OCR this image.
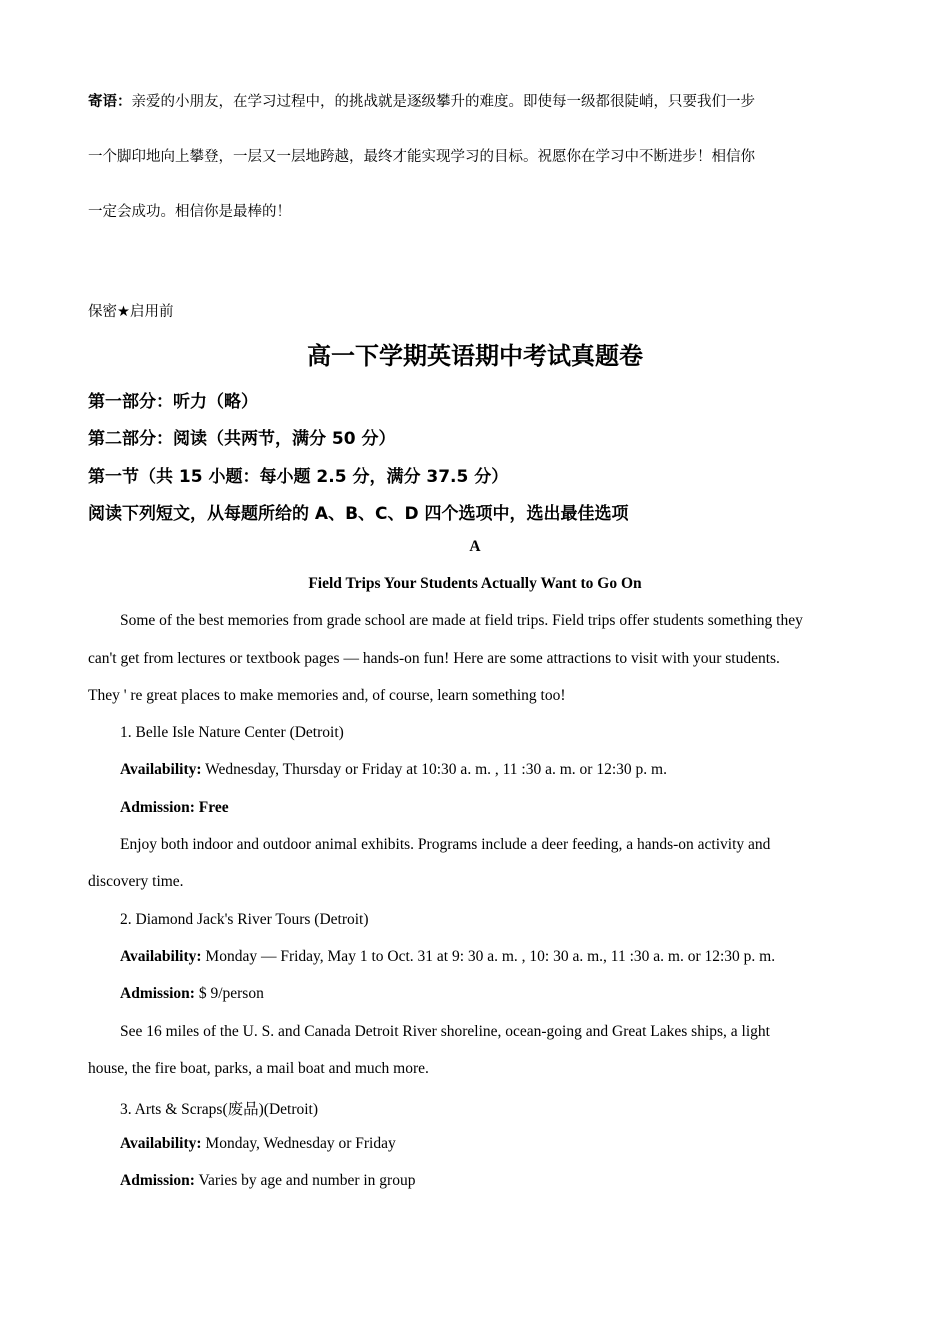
寄语：亲爱的小朋友，在学习过程中，的挑战就是逐级攀升的难度。即使每一级都很陡峭，只要我们一步
一个脚印地向上攀登，一层又一层地跨越，最终才能实现学习的目标。祝愿你在学习中不断进步！相信你
一定会成功。相信你是最棒的！
保密★启用前
高一下学期英语期中考试真题卷
第一部分：听力（略）
第二部分：阅读（共两节，满分 50 分）
第一节（共 15 小题：每小题 2.5 分，满分 37.5 分）
阅读下列短文，从每题所给的 A、B、C、D 四个选项中，选出最佳选项
A
Field Trips Your Students Actually Want to Go On
Some of the best memories from grade school are made at field trips. Field trips offer students something they
can't get from lectures or textbook pages — hands-on fun! Here are some attractions to visit with your students.
They ' re great places to make memories and, of course, learn something too!
1. Belle Isle Nature Center (Detroit)
Availability: Wednesday, Thursday or Friday at 10:30 a. m. , 11 :30 a. m. or 12:30 p. m.
Admission: Free
Enjoy both indoor and outdoor animal exhibits. Programs include a deer feeding, a hands-on activity and
discovery time.
2. Diamond Jack's River Tours (Detroit)
Availability: Monday — Friday, May 1 to Oct. 31 at 9: 30 a. m. , 10: 30 a. m., 11 :30 a. m. or 12:30 p. m.
Admission: $ 9/person
See 16 miles of the U. S. and Canada Detroit River shoreline, ocean-going and Great Lakes ships, a light
house, the fire boat, parks, a mail boat and much more.
3. Arts & Scraps(废品)(Detroit)
Availability: Monday, Wednesday or Friday
Admission: Varies by age and number in group
